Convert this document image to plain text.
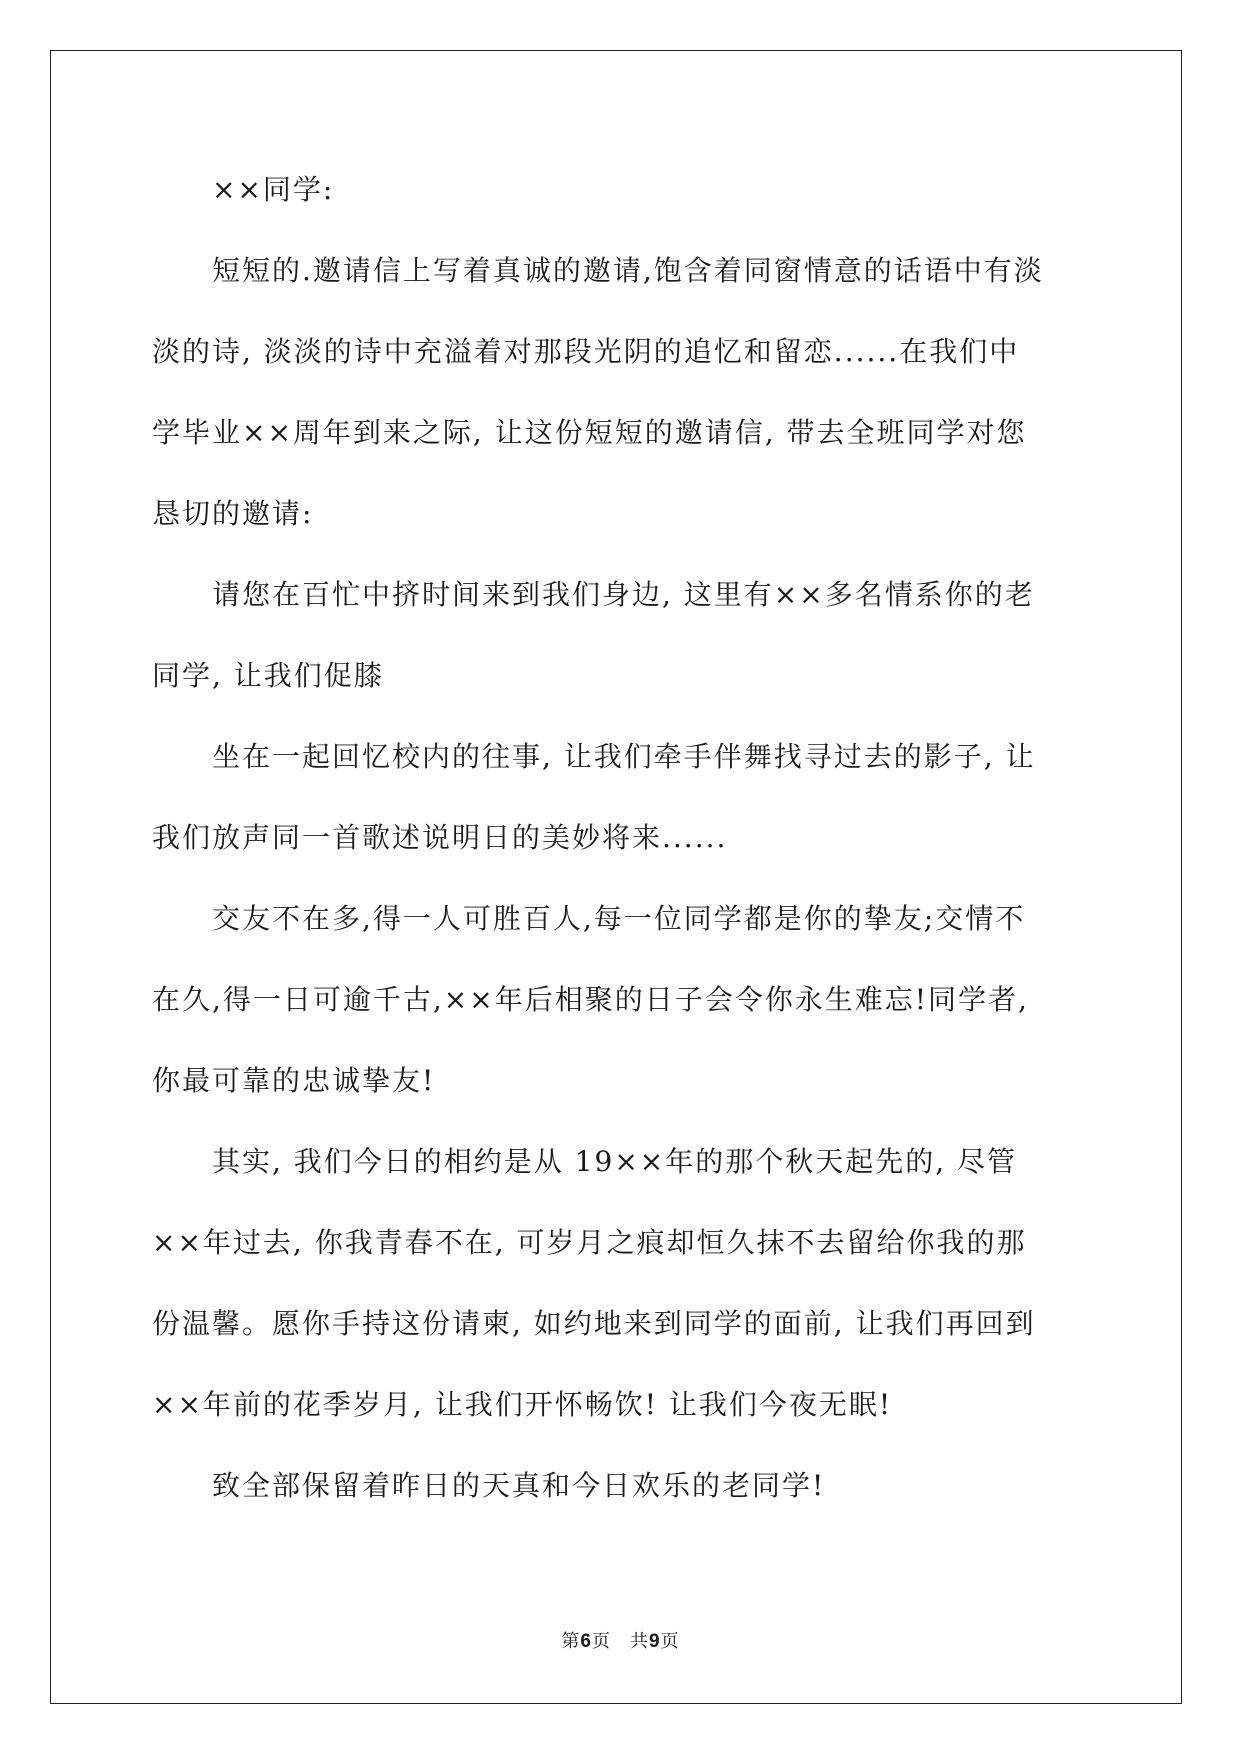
××同学:
短短的.邀请信上写着真诚的邀请,饱含着同窗情意的话语中有淡
淡的诗, 淡淡的诗中充溢着对那段光阴的追忆和留恋......在我们中
学毕业××周年到来之际, 让这份短短的邀请信, 带去全班同学对您
恳切的邀请:
请您在百忙中挤时间来到我们身边, 这里有××多名情系你的老
同学, 让我们促膝
坐在一起回忆校内的往事, 让我们牵手伴舞找寻过去的影子, 让
我们放声同一首歌述说明日的美妙将来......
交友不在多,得一人可胜百人,每一位同学都是你的挚友;交情不
在久,得一日可逾千古,××年后相聚的日子会令你永生难忘!同学者,
你最可靠的忠诚挚友!
其实, 我们今日的相约是从 19××年的那个秋天起先的, 尽管
××年过去, 你我青春不在, 可岁月之痕却恒久抹不去留给你我的那
份温馨。愿你手持这份请柬, 如约地来到同学的面前, 让我们再回到
××年前的花季岁月, 让我们开怀畅饮! 让我们今夜无眠!
致全部保留着昨日的天真和今日欢乐的老同学!
第6页　共9页
